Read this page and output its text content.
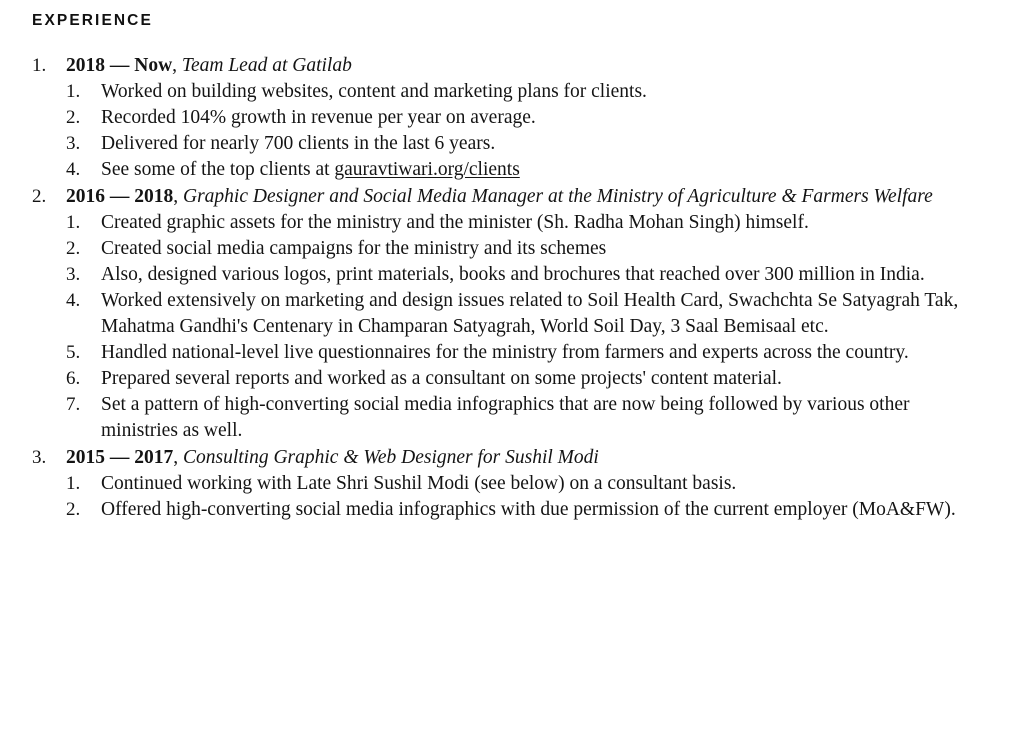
EXPERIENCE
1.	2018 — Now, Team Lead at Gatilab
1.	Worked on building websites, content and marketing plans for clients.
2.	Recorded 104% growth in revenue per year on average.
3.	Delivered for nearly 700 clients in the last 6 years.
4.	See some of the top clients at gauravtiwari.org/clients
2.	2016 — 2018, Graphic Designer and Social Media Manager at the Ministry of Agriculture & Farmers Welfare
1.	Created graphic assets for the ministry and the minister (Sh. Radha Mohan Singh) himself.
2.	Created social media campaigns for the ministry and its schemes
3.	Also, designed various logos, print materials, books and brochures that reached over 300 million in India.
4.	Worked extensively on marketing and design issues related to Soil Health Card, Swachchta Se Satyagrah Tak, Mahatma Gandhi's Centenary in Champaran Satyagrah, World Soil Day, 3 Saal Bemisaal etc.
5.	Handled national-level live questionnaires for the ministry from farmers and experts across the country.
6.	Prepared several reports and worked as a consultant on some projects' content material.
7.	Set a pattern of high-converting social media infographics that are now being followed by various other ministries as well.
3.	2015 — 2017, Consulting Graphic & Web Designer for Sushil Modi
1.	Continued working with Late Shri Sushil Modi (see below) on a consultant basis.
2.	Offered high-converting social media infographics with due permission of the current employer (MoA&FW).
